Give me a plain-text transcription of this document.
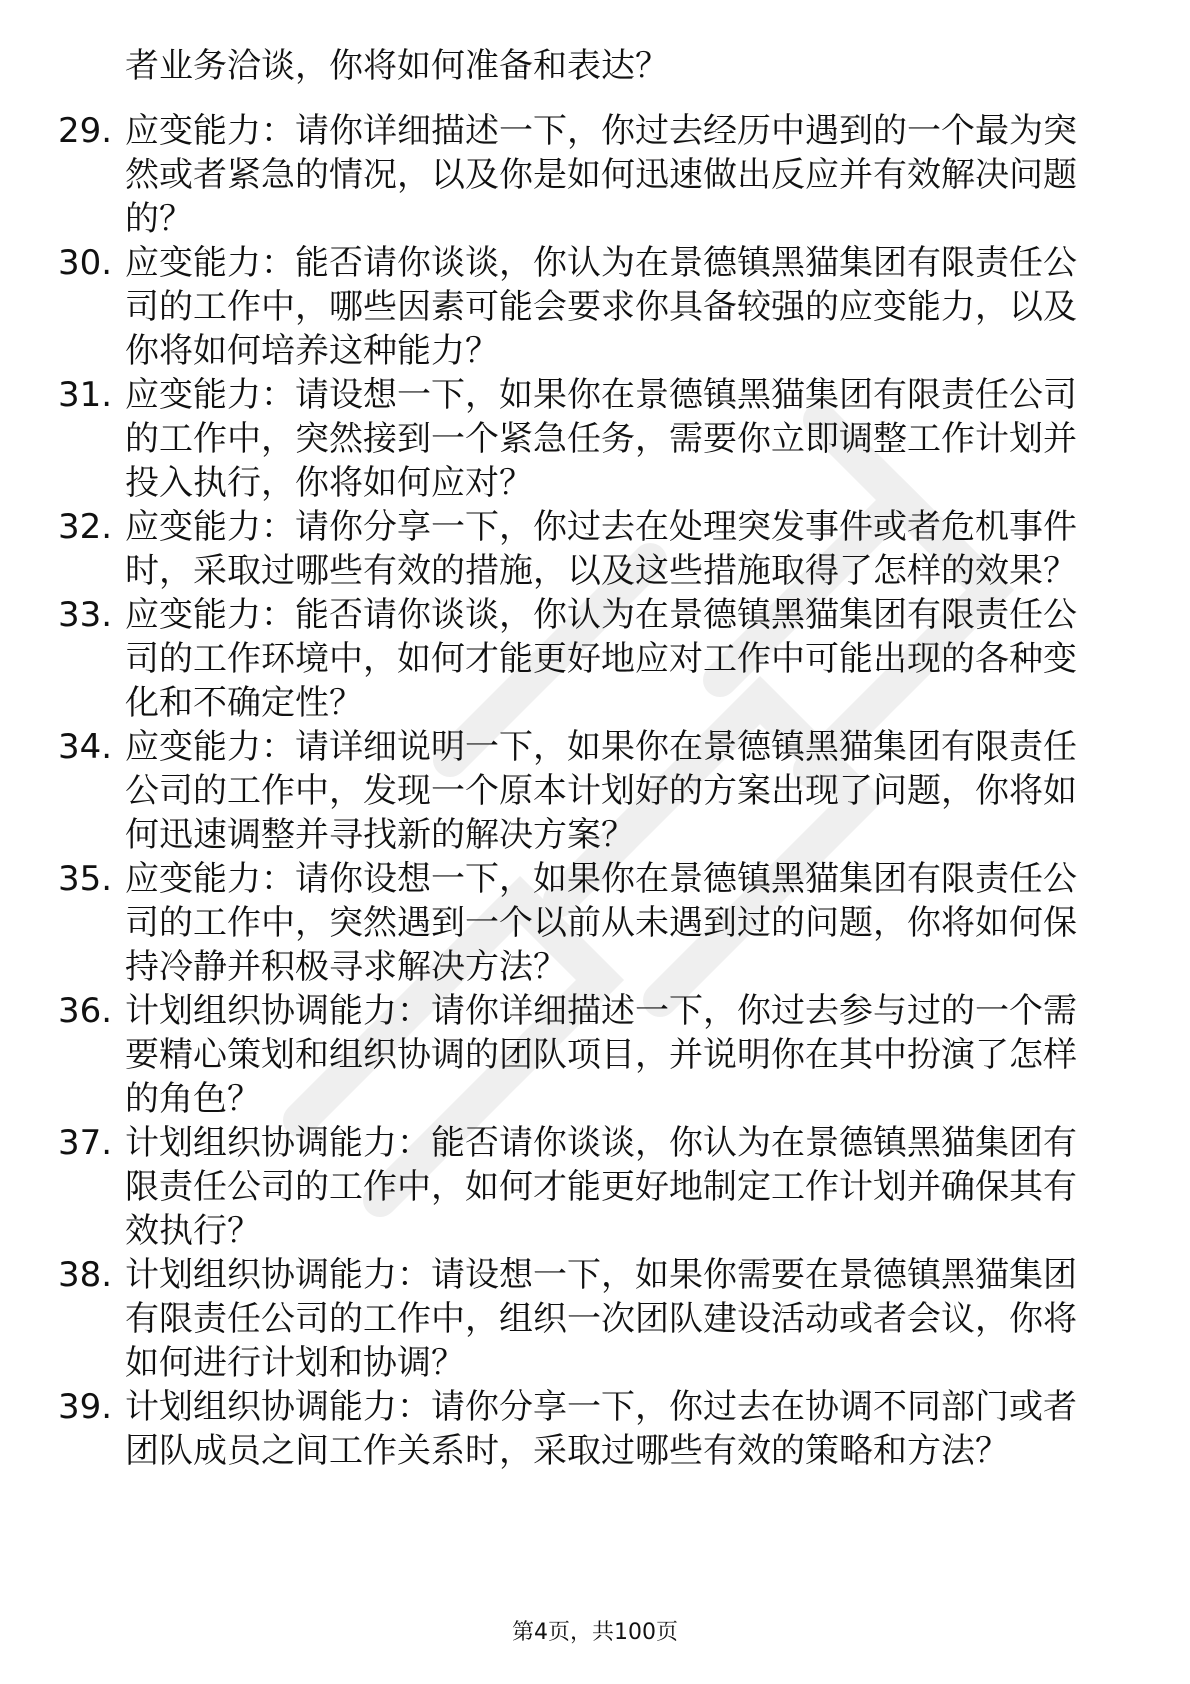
者业务洽谈，你将如何准备和表达？
29. 应变能力：请你详细描述一下，你过去经历中遇到的一个最为突
然或者紧急的情况，以及你是如何迅速做出反应并有效解决问题
的？
30. 应变能力：能否请你谈谈，你认为在景德镇黑猫集团有限责任公
司的工作中，哪些因素可能会要求你具备较强的应变能力，以及
你将如何培养这种能力？
31. 应变能力：请设想一下，如果你在景德镇黑猫集团有限责任公司
的工作中，突然接到一个紧急任务，需要你立即调整工作计划并
投入执行，你将如何应对？
32. 应变能力：请你分享一下，你过去在处理突发事件或者危机事件
时，采取过哪些有效的措施，以及这些措施取得了怎样的效果？
33. 应变能力：能否请你谈谈，你认为在景德镇黑猫集团有限责任公
司的工作环境中，如何才能更好地应对工作中可能出现的各种变
化和不确定性？
34. 应变能力：请详细说明一下，如果你在景德镇黑猫集团有限责任
公司的工作中，发现一个原本计划好的方案出现了问题，你将如
何迅速调整并寻找新的解决方案？
35. 应变能力：请你设想一下，如果你在景德镇黑猫集团有限责任公
司的工作中，突然遇到一个以前从未遇到过的问题，你将如何保
持冷静并积极寻求解决方法？
36. 计划组织协调能力：请你详细描述一下，你过去参与过的一个需
要精心策划和组织协调的团队项目，并说明你在其中扮演了怎样
的角色？
37. 计划组织协调能力：能否请你谈谈，你认为在景德镇黑猫集团有
限责任公司的工作中，如何才能更好地制定工作计划并确保其有
效执行？
38. 计划组织协调能力：请设想一下，如果你需要在景德镇黑猫集团
有限责任公司的工作中，组织一次团队建设活动或者会议，你将
如何进行计划和协调？
39. 计划组织协调能力：请你分享一下，你过去在协调不同部门或者
团队成员之间工作关系时，采取过哪些有效的策略和方法？
第4页，共100页
